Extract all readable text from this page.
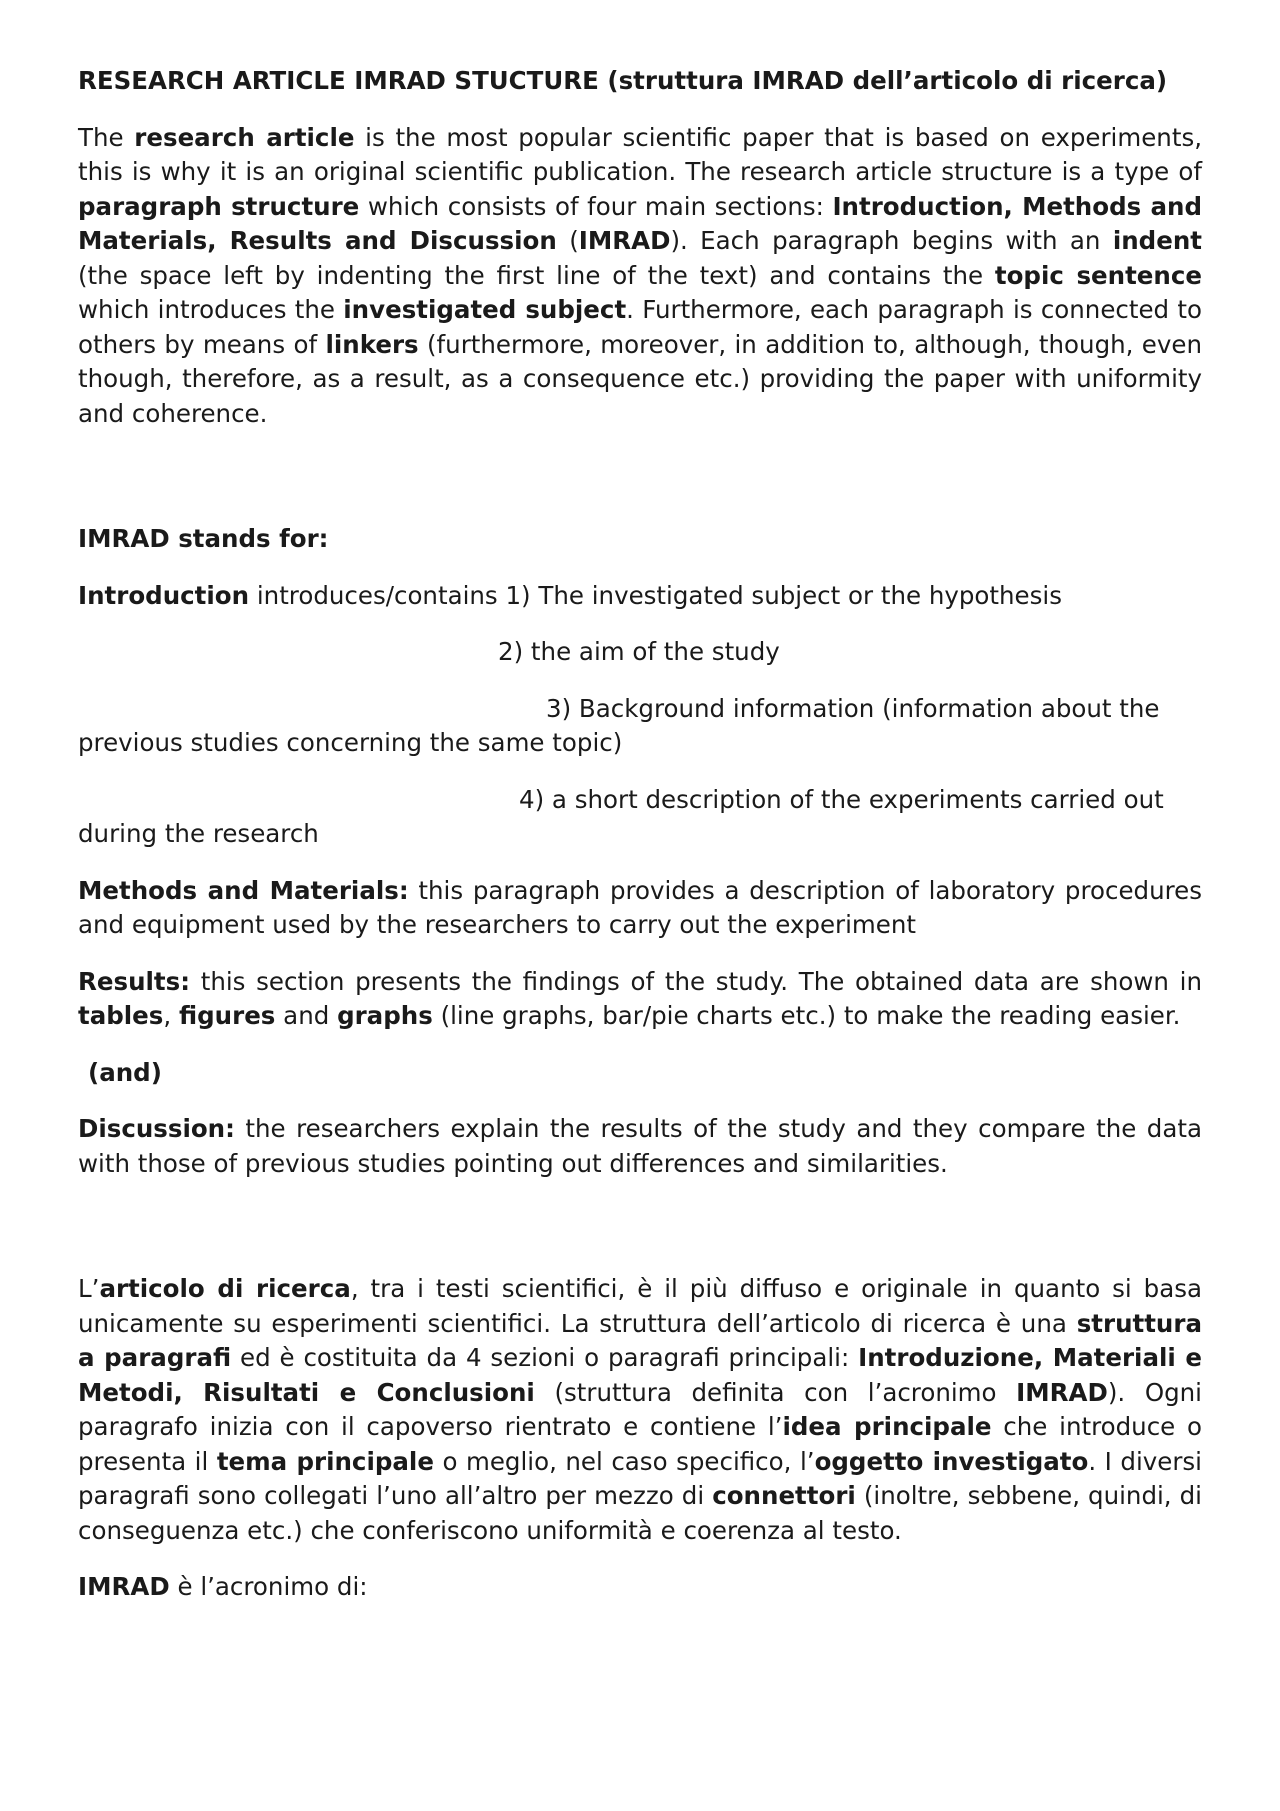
RESEARCH ARTICLE IMRAD STUCTURE (struttura IMRAD dell’articolo di ricerca)

The research article is the most popular scientific paper that is based on experiments, this is why it is an original scientific publication. The research article structure is a type of paragraph structure which consists of four main sections: Introduction, Methods and Materials, Results and Discussion (IMRAD). Each paragraph begins with an indent (the space left by indenting the first line of the text) and contains the topic sentence which introduces the investigated subject. Furthermore, each paragraph is connected to others by means of linkers (furthermore, moreover, in addition to, although, though, even though, therefore, as a result, as a consequence etc.) providing the paper with uniformity and coherence.

IMRAD stands for:

Introduction introduces/contains 1) The investigated subject or the hypothesis

2) the aim of the study

3) Background information (information about the

previous studies concerning the same topic)

4) a short description of the experiments carried out

during the research

Methods and Materials: this paragraph provides a description of laboratory procedures and equipment used by the researchers to carry out the experiment

Results: this section presents the findings of the study. The obtained data are shown in tables, figures and graphs (line graphs, bar/pie charts etc.) to make the reading easier.

(and)

Discussion: the researchers explain the results of the study and they compare the data with those of previous studies pointing out differences and similarities.

L’articolo di ricerca, tra i testi scientifici, è il più diffuso e originale in quanto si basa unicamente su esperimenti scientifici. La struttura dell’articolo di ricerca è una struttura a paragrafi ed è costituita da 4 sezioni o paragrafi principali: Introduzione, Materiali e Metodi, Risultati e Conclusioni (struttura definita con l’acronimo IMRAD). Ogni paragrafo inizia con il capoverso rientrato e contiene l’idea principale che introduce o presenta il tema principale o meglio, nel caso specifico, l’oggetto investigato. I diversi paragrafi sono collegati l’uno all’altro per mezzo di connettori (inoltre, sebbene, quindi, di conseguenza etc.) che conferiscono uniformità e coerenza al testo.

IMRAD è l’acronimo di:
